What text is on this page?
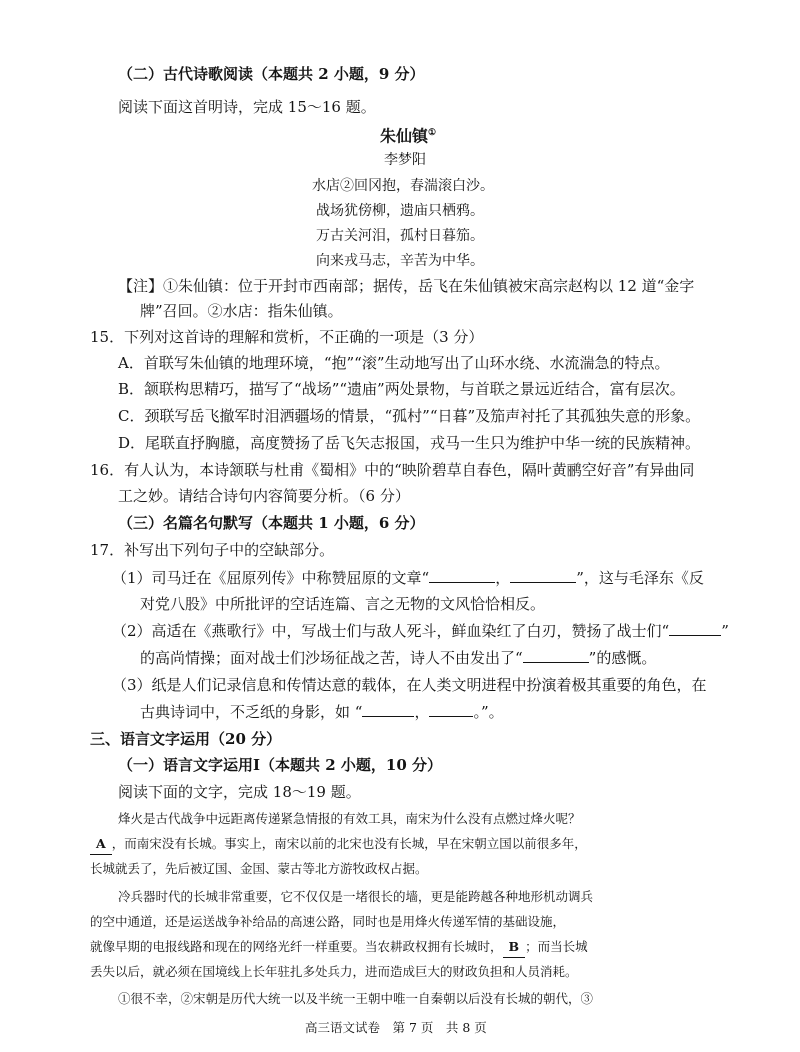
（二）古代诗歌阅读（本题共 2 小题，9 分）
阅读下面这首明诗，完成 15～16 题。
朱仙镇①
李梦阳
水店②回冈抱，春湍滚白沙。
战场犹傍柳，遗庙只栖鸦。
万古关河泪，孤村日暮笳。
向来戎马志，辛苦为中华。
【注】①朱仙镇：位于开封市西南部；据传，岳飞在朱仙镇被宋高宗赵构以 12 道“金字
牌”召回。②水店：指朱仙镇。
15．下列对这首诗的理解和赏析，不正确的一项是（3 分）
A．首联写朱仙镇的地理环境，“抱”“滚”生动地写出了山环水绕、水流湍急的特点。
B．颔联构思精巧，描写了“战场”“遗庙”两处景物，与首联之景远近结合，富有层次。
C．颈联写岳飞撤军时泪洒疆场的情景，“孤村”“日暮”及笳声衬托了其孤独失意的形象。
D．尾联直抒胸臆，高度赞扬了岳飞矢志报国，戎马一生只为维护中华一统的民族精神。
16．有人认为，本诗颔联与杜甫《蜀相》中的“映阶碧草自春色，隔叶黄鹂空好音”有异曲同
工之妙。请结合诗句内容简要分析。（6 分）
（三）名篇名句默写（本题共 1 小题，6 分）
17．补写出下列句子中的空缺部分。
（1）司马迁在《屈原列传》中称赞屈原的文章“	，	”，这与毛泽东《反
对党八股》中所批评的空话连篇、言之无物的文风恰恰相反。
（2）高适在《燕歌行》中，写战士们与敌人死斗，鲜血染红了白刃，赞扬了战士们“	”
的高尚情操；面对战士们沙场征战之苦，诗人不由发出了“	”的感慨。
（3）纸是人们记录信息和传情达意的载体，在人类文明进程中扮演着极其重要的角色，在
古典诗词中，不乏纸的身影，如 “	，	。”。
三、语言文字运用（20 分）
（一）语言文字运用Ⅰ（本题共 2 小题，10 分）
阅读下面的文字，完成 18～19 题。
烽火是古代战争中远距离传递紧急情报的有效工具，南宋为什么没有点燃过烽火呢？
A ，而南宋没有长城。事实上，南宋以前的北宋也没有长城，早在宋朝立国以前很多年，
长城就丢了，先后被辽国、金国、蒙古等北方游牧政权占据。
冷兵器时代的长城非常重要，它不仅仅是一堵很长的墙，更是能跨越各种地形机动调兵
的空中通道，还是运送战争补给品的高速公路，同时也是用烽火传递军情的基础设施，
就像早期的电报线路和现在的网络光纤一样重要。当农耕政权拥有长城时， B ；而当长城
丢失以后，就必须在国境线上长年驻扎多处兵力，进而造成巨大的财政负担和人员消耗。
①很不幸，②宋朝是历代大统一以及半统一王朝中唯一自秦朝以后没有长城的朝代，③
高三语文试卷　第 7 页　共 8 页
